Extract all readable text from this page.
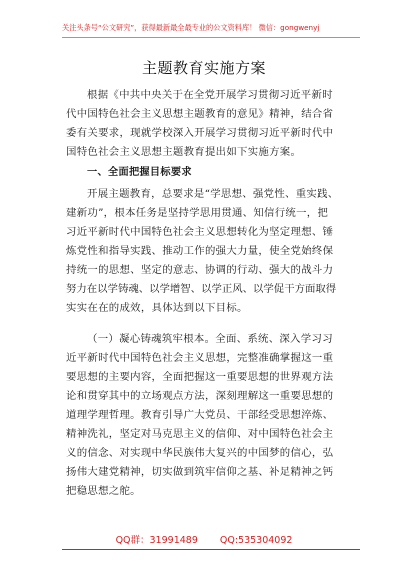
关注头条号“公文研究”，获得最新最全最专业的公文资料库！ 微信：gongwenyj
主题教育实施方案
根据《中共中央关于在全党开展学习贯彻习近平新时
代中国特色社会主义思想主题教育的意见》精神，结合省
委有关要求，现就学校深入开展学习贯彻习近平新时代中
国特色社会主义思想主题教育提出如下实施方案。
一、全面把握目标要求
开展主题教育，总要求是“学思想、强党性、重实践、
建新功”，根本任务是坚持学思用贯通、知信行统一，把
习近平新时代中国特色社会主义思想转化为坚定理想、锤
炼党性和指导实践、推动工作的强大力量，使全党始终保
持统一的思想、坚定的意志、协调的行动、强大的战斗力
努力在以学铸魂、以学增智、以学正风、以学促干方面取得
实实在在的成效，具体达到以下目标。
（一）凝心铸魂筑牢根本。全面、系统、深入学习习
近平新时代中国特色社会主义思想，完整准确掌握这一重
要思想的主要内容，全面把握这一重要思想的世界观方法
论和贯穿其中的立场观点方法，深刻理解这一重要思想的
道理学理哲理。教育引导广大党员、干部经受思想淬炼、
精神洗礼，坚定对马克思主义的信仰、对中国特色社会主
义的信念、对实现中华民族伟大复兴的中国梦的信心，弘
扬伟大建党精神，切实做到筑牢信仰之基、补足精神之钙
把稳思想之舵。
QQ群：31991489 QQ:535304092
